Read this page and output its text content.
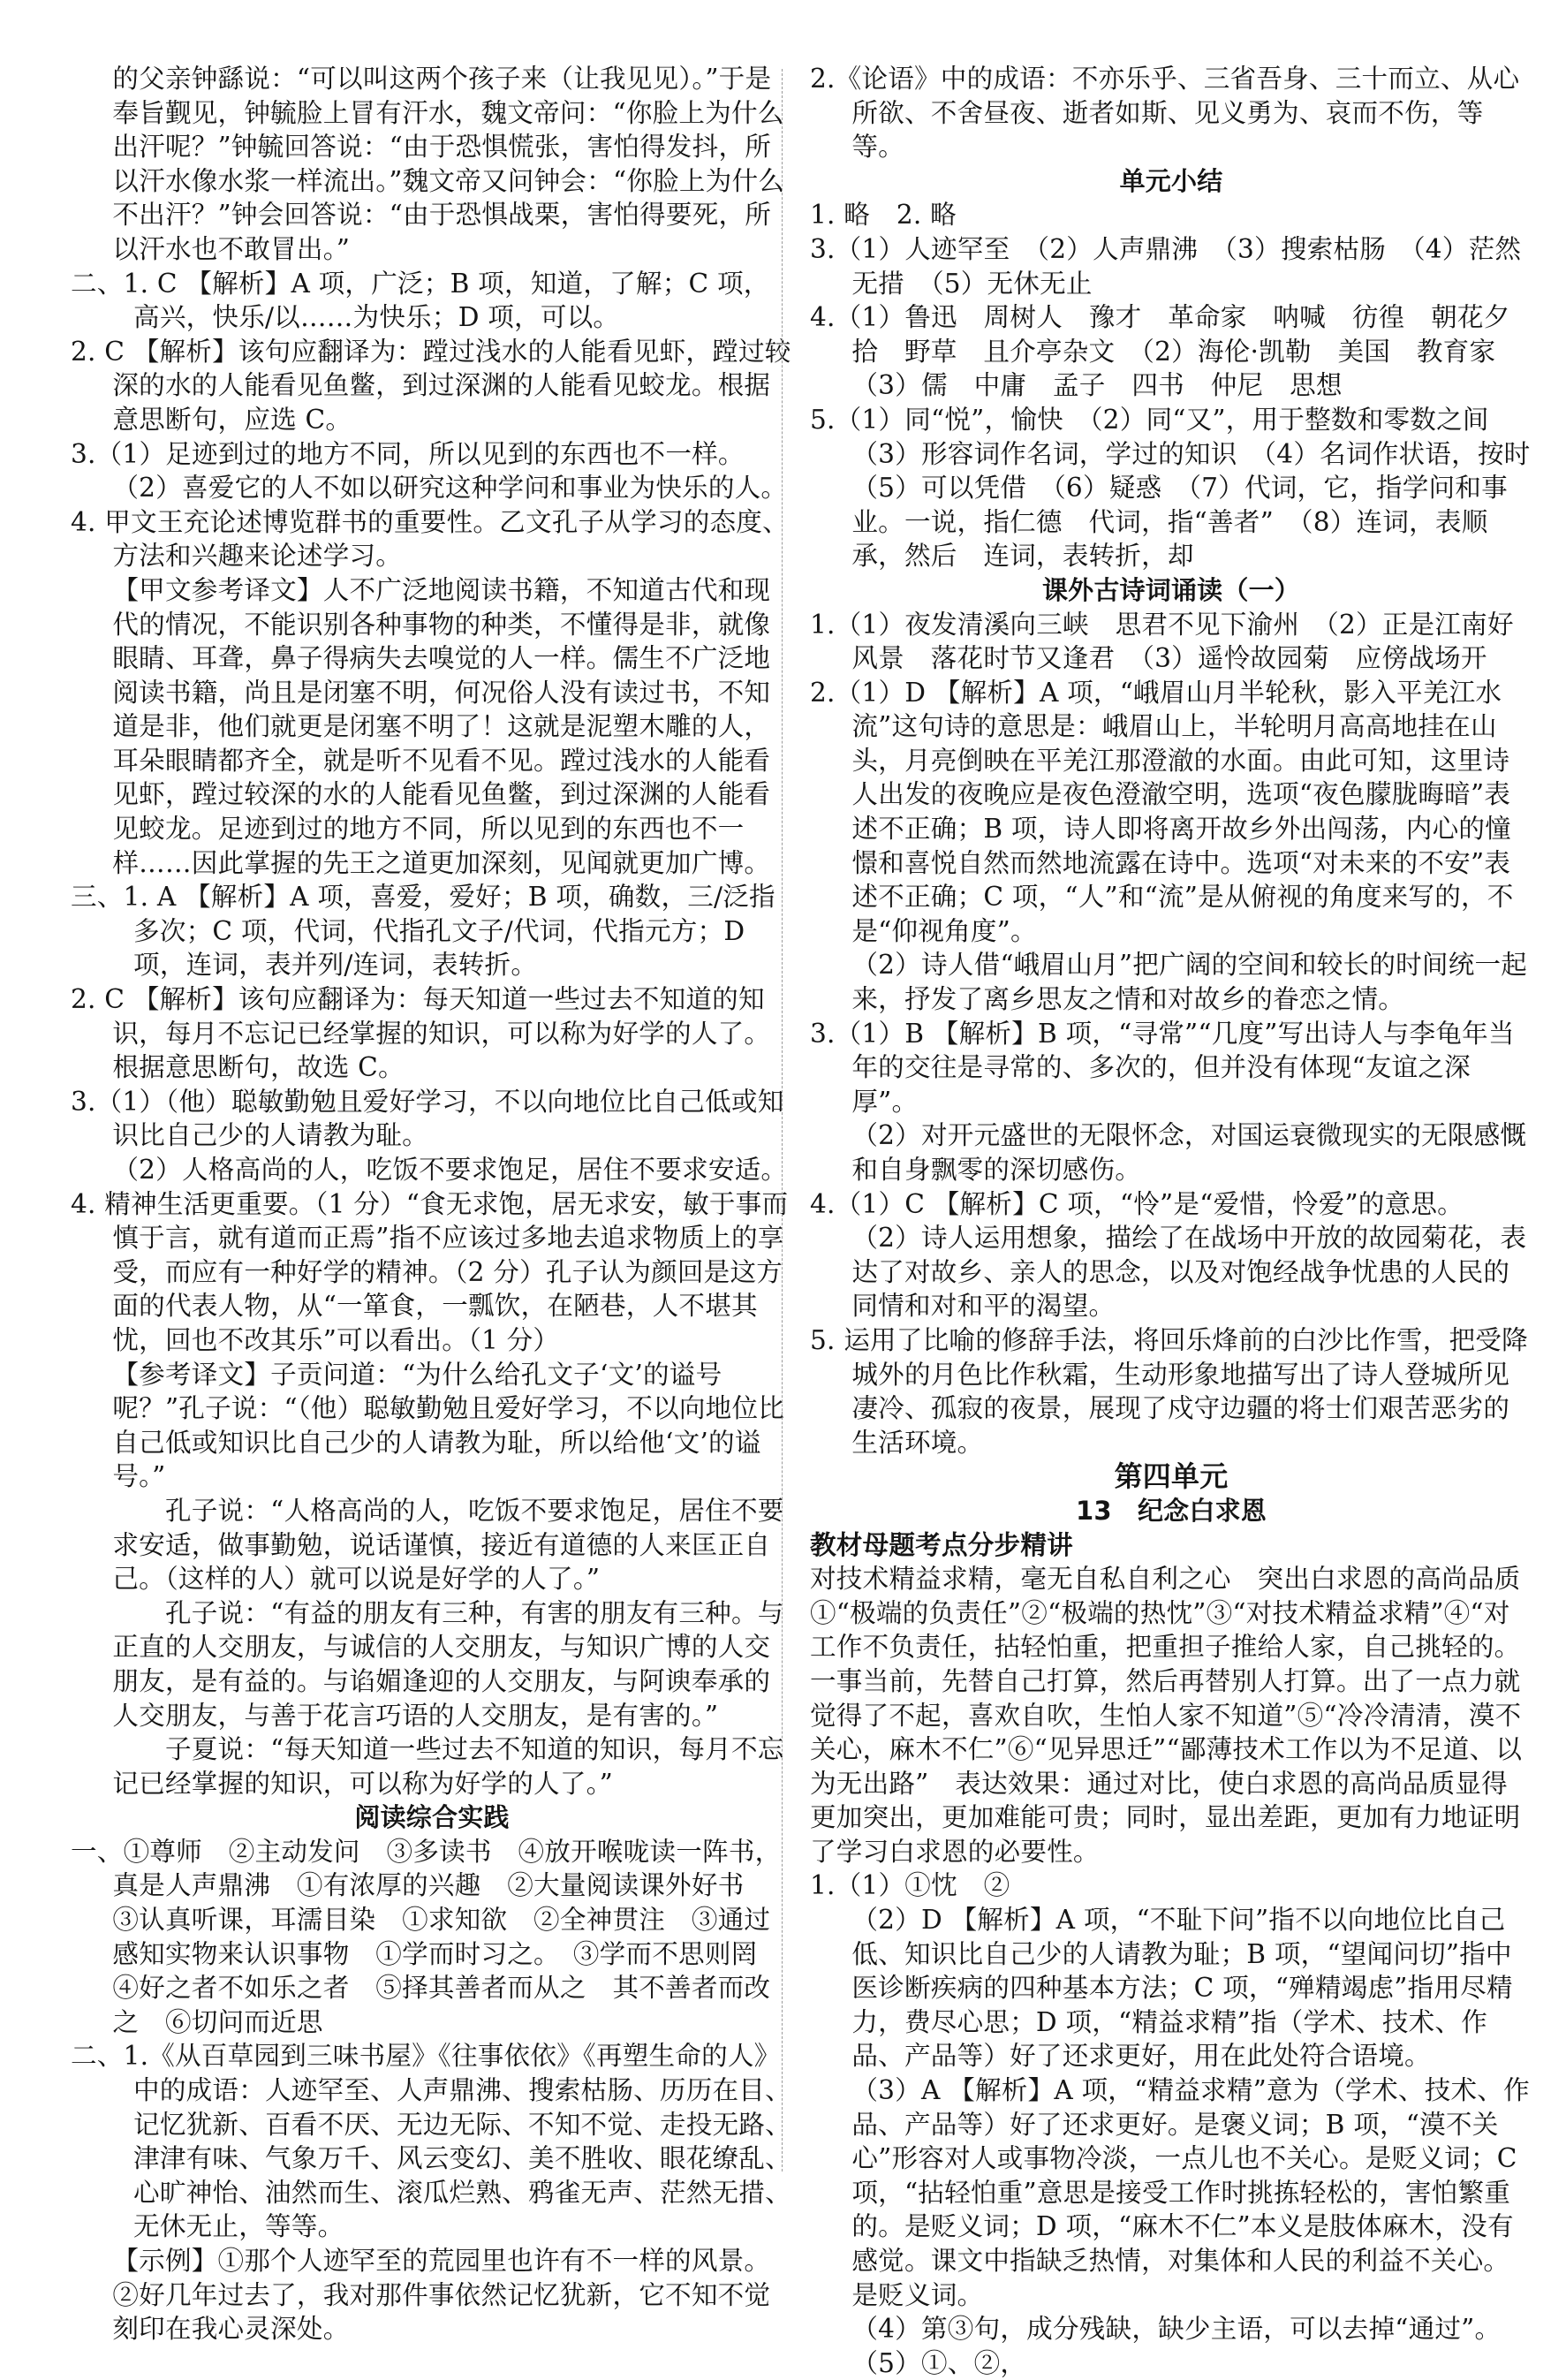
的父亲钟繇说：“可以叫这两个孩子来（让我见见）。”于是奉旨觐见，钟毓脸上冒有汗水，魏文帝问：“你脸上为什么出汗呢？”钟毓回答说：“由于恐惧慌张，害怕得发抖，所以汗水像水浆一样流出。”魏文帝又问钟会：“你脸上为什么不出汗？”钟会回答说：“由于恐惧战栗，害怕得要死，所以汗水也不敢冒出。”

二、1. C 【解析】A 项，广泛；B 项，知道，了解；C 项，高兴，快乐/以……为快乐；D 项，可以。

2. C 【解析】该句应翻译为：蹚过浅水的人能看见虾，蹚过较深的水的人能看见鱼鳖，到过深渊的人能看见蛟龙。根据意思断句，应选 C。

3.（1）足迹到过的地方不同，所以见到的东西也不一样。

（2）喜爱它的人不如以研究这种学问和事业为快乐的人。

4. 甲文王充论述博览群书的重要性。乙文孔子从学习的态度、方法和兴趣来论述学习。

【甲文参考译文】人不广泛地阅读书籍，不知道古代和现代的情况，不能识别各种事物的种类，不懂得是非，就像眼睛、耳聋，鼻子得病失去嗅觉的人一样。儒生不广泛地阅读书籍，尚且是闭塞不明，何况俗人没有读过书，不知道是非，他们就更是闭塞不明了！这就是泥塑木雕的人，耳朵眼睛都齐全，就是听不见看不见。蹚过浅水的人能看见虾，蹚过较深的水的人能看见鱼鳖，到过深渊的人能看见蛟龙。足迹到过的地方不同，所以见到的东西也不一样……因此掌握的先王之道更加深刻，见闻就更加广博。

三、1. A 【解析】A 项，喜爱，爱好；B 项，确数，三/泛指多次；C 项，代词，代指孔文子/代词，代指元方；D 项，连词，表并列/连词，表转折。

2. C 【解析】该句应翻译为：每天知道一些过去不知道的知识，每月不忘记已经掌握的知识，可以称为好学的人了。根据意思断句，故选 C。

3.（1）（他）聪敏勤勉且爱好学习，不以向地位比自己低或知识比自己少的人请教为耻。

（2）人格高尚的人，吃饭不要求饱足，居住不要求安适。

4. 精神生活更重要。（1 分）“食无求饱，居无求安，敏于事而慎于言，就有道而正焉”指不应该过多地去追求物质上的享受，而应有一种好学的精神。（2 分）孔子认为颜回是这方面的代表人物，从“一箪食，一瓢饮，在陋巷，人不堪其忧，回也不改其乐”可以看出。（1 分）

【参考译文】子贡问道：“为什么给孔文子‘文’的谥号呢？”孔子说：“（他）聪敏勤勉且爱好学习，不以向地位比自己低或知识比自己少的人请教为耻，所以给他‘文’的谥号。”

　　孔子说：“人格高尚的人，吃饭不要求饱足，居住不要求安适，做事勤勉，说话谨慎，接近有道德的人来匡正自己。（这样的人）就可以说是好学的人了。”

　　孔子说：“有益的朋友有三种，有害的朋友有三种。与正直的人交朋友，与诚信的人交朋友，与知识广博的人交朋友，是有益的。与谄媚逢迎的人交朋友，与阿谀奉承的人交朋友，与善于花言巧语的人交朋友，是有害的。”

　　子夏说：“每天知道一些过去不知道的知识，每月不忘记已经掌握的知识，可以称为好学的人了。”

阅读综合实践

一、①尊师　②主动发问　③多读书　④放开喉咙读一阵书，真是人声鼎沸　①有浓厚的兴趣　②大量阅读课外好书　③认真听课，耳濡目染　①求知欲　②全神贯注　③通过感知实物来认识事物　①学而时习之。　③学而不思则罔　④好之者不如乐之者　⑤择其善者而从之　其不善者而改之　⑥切问而近思

二、1.《从百草园到三味书屋》《往事依依》《再塑生命的人》中的成语：人迹罕至、人声鼎沸、搜索枯肠、历历在目、记忆犹新、百看不厌、无边无际、不知不觉、走投无路、津津有味、气象万千、风云变幻、美不胜收、眼花缭乱、心旷神怡、油然而生、滚瓜烂熟、鸦雀无声、茫然无措、无休无止，等等。

【示例】①那个人迹罕至的荒园里也许有不一样的风景。

②好几年过去了，我对那件事依然记忆犹新，它不知不觉刻印在我心灵深处。

2.《论语》中的成语：不亦乐乎、三省吾身、三十而立、从心所欲、不舍昼夜、逝者如斯、见义勇为、哀而不伤，等等。

单元小结

1. 略　2. 略

3.（1）人迹罕至　（2）人声鼎沸　（3）搜索枯肠　（4）茫然无措　（5）无休无止

4.（1）鲁迅　周树人　豫才　革命家　呐喊　彷徨　朝花夕拾　野草　且介亭杂文　（2）海伦·凯勒　美国　教育家　（3）儒　中庸　孟子　四书　仲尼　思想

5.（1）同“悦”，愉快　（2）同“又”，用于整数和零数之间　（3）形容词作名词，学过的知识　（4）名词作状语，按时　（5）可以凭借　（6）疑惑　（7）代词，它，指学问和事业。一说，指仁德　代词，指“善者”　（8）连词，表顺承，然后　连词，表转折，却

课外古诗词诵读（一）

1.（1）夜发清溪向三峡　思君不见下渝州　（2）正是江南好风景　落花时节又逢君　（3）遥怜故园菊　应傍战场开

2.（1）D 【解析】A 项，“峨眉山月半轮秋，影入平羌江水流”这句诗的意思是：峨眉山上，半轮明月高高地挂在山头，月亮倒映在平羌江那澄澈的水面。由此可知，这里诗人出发的夜晚应是夜色澄澈空明，选项“夜色朦胧晦暗”表述不正确；B 项，诗人即将离开故乡外出闯荡，内心的憧憬和喜悦自然而然地流露在诗中。选项“对未来的不安”表述不正确；C 项，“人”和“流”是从俯视的角度来写的，不是“仰视角度”。

（2）诗人借“峨眉山月”把广阔的空间和较长的时间统一起来，抒发了离乡思友之情和对故乡的眷恋之情。

3.（1）B 【解析】B 项，“寻常”“几度”写出诗人与李龟年当年的交往是寻常的、多次的，但并没有体现“友谊之深厚”。

（2）对开元盛世的无限怀念，对国运衰微现实的无限感慨和自身飘零的深切感伤。

4.（1）C 【解析】C 项，“怜”是“爱惜，怜爱”的意思。

（2）诗人运用想象，描绘了在战场中开放的故园菊花，表达了对故乡、亲人的思念，以及对饱经战争忧患的人民的同情和对和平的渴望。

5. 运用了比喻的修辞手法，将回乐烽前的白沙比作雪，把受降城外的月色比作秋霜，生动形象地描写出了诗人登城所见凄冷、孤寂的夜景，展现了戍守边疆的将士们艰苦恶劣的生活环境。

第四单元

13　纪念白求恩

教材母题考点分步精讲

对技术精益求精，毫无自私自利之心　突出白求恩的高尚品质　①“极端的负责任”②“极端的热忱”③“对技术精益求精”④“对工作不负责任，拈轻怕重，把重担子推给人家，自己挑轻的。一事当前，先替自己打算，然后再替别人打算。出了一点力就觉得了不起，喜欢自吹，生怕人家不知道”⑤“冷冷清清，漠不关心，麻木不仁”⑥“见异思迁”“鄙薄技术工作以为不足道、以为无出路”　表达效果：通过对比，使白求恩的高尚品质显得更加突出，更加难能可贵；同时，显出差距，更加有力地证明了学习白求恩的必要性。

1.（1）①忱　②

（2）D 【解析】A 项，“不耻下问”指不以向地位比自己低、知识比自己少的人请教为耻；B 项，“望闻问切”指中医诊断疾病的四种基本方法；C 项，“殚精竭虑”指用尽精力，费尽心思；D 项，“精益求精”指（学术、技术、作品、产品等）好了还求更好，用在此处符合语境。

（3）A 【解析】A 项，“精益求精”意为（学术、技术、作品、产品等）好了还求更好。是褒义词；B 项，“漠不关心”形容对人或事物冷淡，一点儿也不关心。是贬义词；C 项，“拈轻怕重”意思是接受工作时挑拣轻松的，害怕繁重的。是贬义词；D 项，“麻木不仁”本义是肢体麻木，没有感觉。课文中指缺乏热情，对集体和人民的利益不关心。是贬义词。

（4）第③句，成分残缺，缺少主语，可以去掉“通过”。

（5）①、②，
